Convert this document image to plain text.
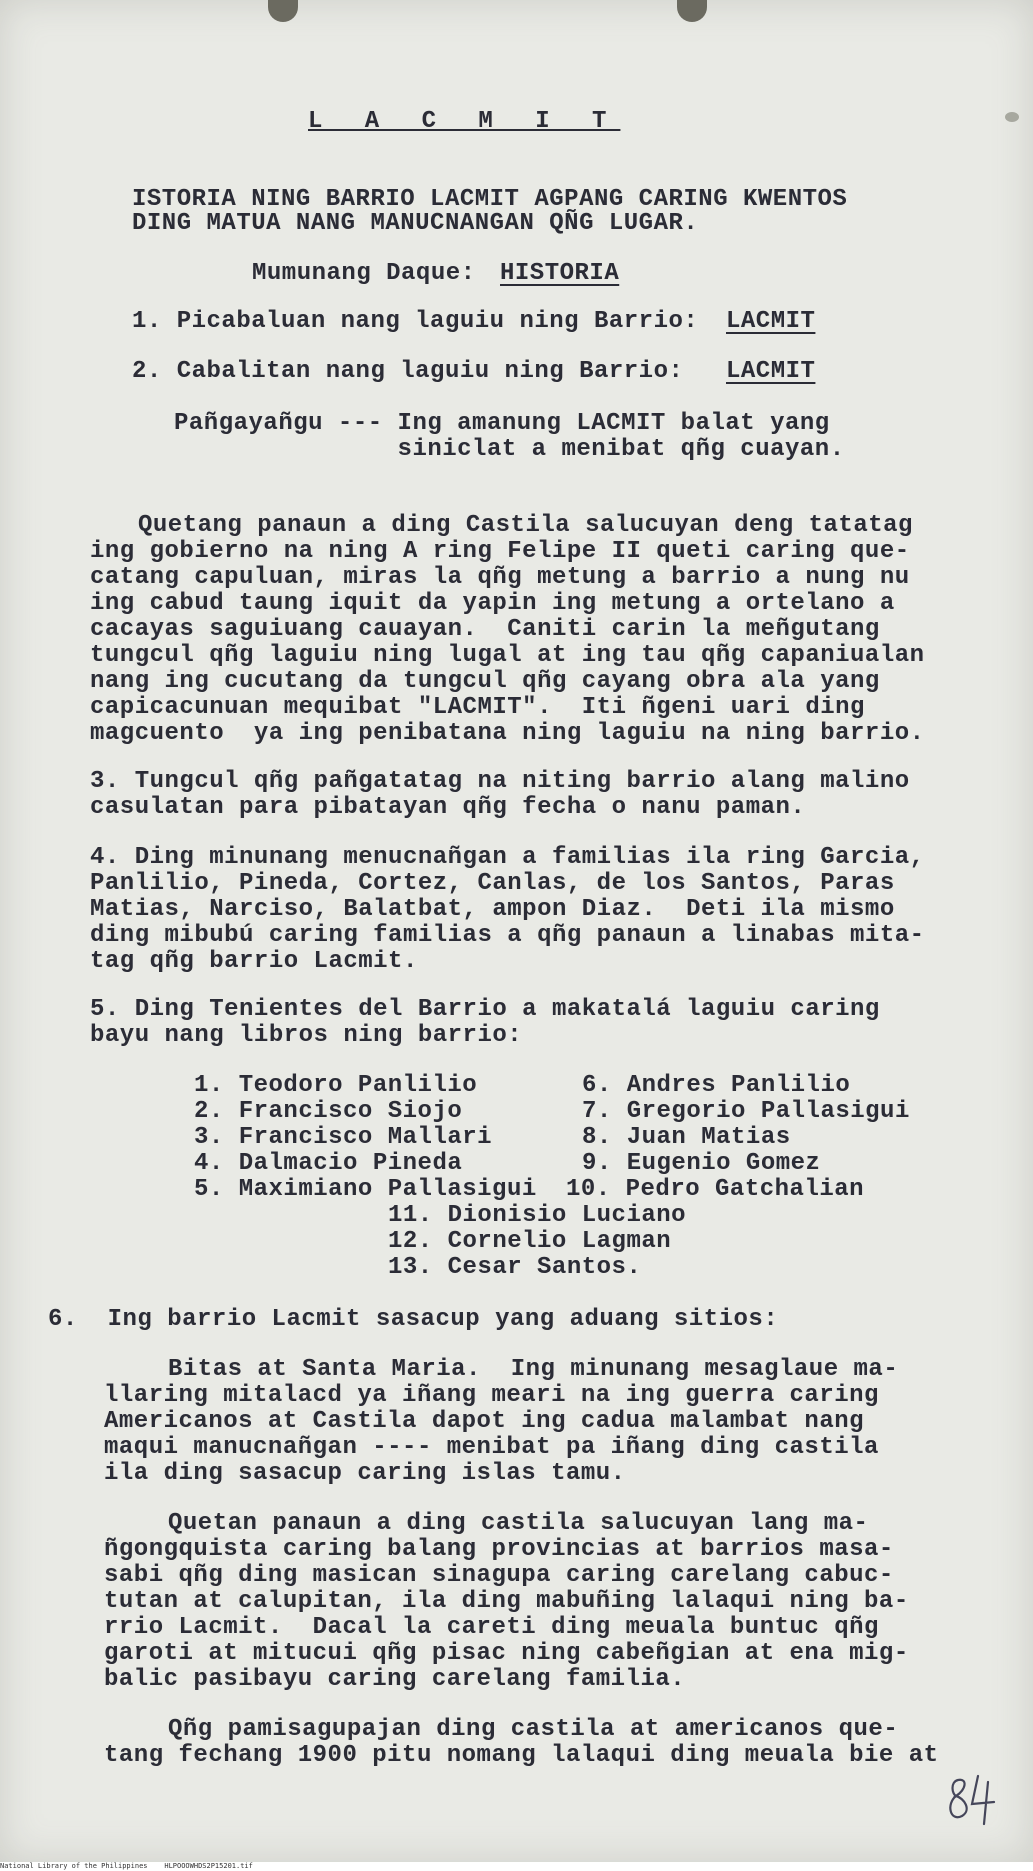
L A C M I T
ISTORIA NING BARRIO LACMIT AGPANG CARING KWENTOS
DING MATUA NANG MANUCNANGAN QÑG LUGAR.
Mumunang Daque: HISTORIA
1. Picabaluan nang laguiu ning Barrio: LACMIT
2. Cabalitan nang laguiu ning Barrio: LACMIT
Pañgayañgu --- Ing amanung LACMIT balat yang
siniclat a menibat qñg cuayan.
Quetang panaun a ding Castila salucuyan deng tatatag
ing gobierno na ning A ring Felipe II queti caring que-
catang capuluan, miras la qñg metung a barrio a nung nu
ing cabud taung iquit da yapin ing metung a ortelano a
cacayas saguiuang cauayan.  Caniti carin la meñgutang
tungcul qñg laguiu ning lugal at ing tau qñg capaniualan
nang ing cucutang da tungcul qñg cayang obra ala yang
capicacunuan mequibat "LACMIT".  Iti ñgeni uari ding
magcuento  ya ing penibatana ning laguiu na ning barrio.
3. Tungcul qñg pañgatatag na niting barrio alang malino
casulatan para pibatayan qñg fecha o nanu paman.
4. Ding minunang menucnañgan a familias ila ring Garcia,
Panlilio, Pineda, Cortez, Canlas, de los Santos, Paras
Matias, Narciso, Balatbat, ampon Diaz.  Deti ila mismo
ding mibubú caring familias a qñg panaun a linabas mita-
tag qñg barrio Lacmit.
5. Ding Tenientes del Barrio a makatalá laguiu caring
bayu nang libros ning barrio:
1. Teodoro Panlilio
2. Francisco Siojo
3. Francisco Mallari
4. Dalmacio Pineda
5. Maximiano Pallasigui
6. Andres Panlilio
7. Gregorio Pallasigui
8. Juan Matias
9. Eugenio Gomez
10. Pedro Gatchalian
11. Dionisio Luciano
12. Cornelio Lagman
13. Cesar Santos.
6.  Ing barrio Lacmit sasacup yang aduang sitios:
Bitas at Santa Maria.  Ing minunang mesaglaue ma-
llaring mitalacd ya iñang meari na ing guerra caring
Americanos at Castila dapot ing cadua malambat nang
maqui manucnañgan ---- menibat pa iñang ding castila
ila ding sasacup caring islas tamu.
Quetan panaun a ding castila salucuyan lang ma-
ñgongquista caring balang provincias at barrios masa-
sabi qñg ding masican sinagupa caring carelang cabuc-
tutan at calupitan, ila ding mabuñing lalaqui ning ba-
rrio Lacmit.  Dacal la careti ding meuala buntuc qñg
garoti at mitucui qñg pisac ning cabeñgian at ena mig-
balic pasibayu caring carelang familia.
Qñg pamisagupajan ding castila at americanos que-
tang fechang 1900 pitu nomang lalaqui ding meuala bie at
National Library of the Philippines    HLPOOOWHDS2P15201.tif
